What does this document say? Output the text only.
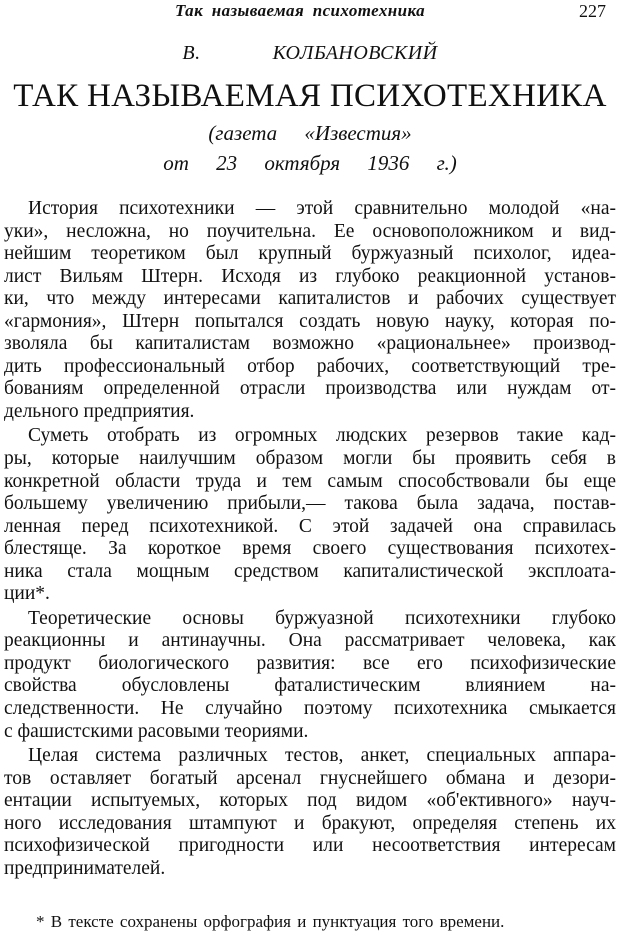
Так называемая психотехника	227
В.	КОЛБАНОВСКИЙ
ТАК НАЗЫВАЕМАЯ ПСИХОТЕХНИКА
(газета «Известия»
от 23 октября 1936 г.)
История психотехники — этой сравнительно молодой «на-
уки», несложна, но поучительна. Ее основоположником и вид-
нейшим теоретиком был крупный буржуазный психолог, идеа-
лист Вильям Штерн. Исходя из глубоко реакционной установ-
ки, что между интересами капиталистов и рабочих существует
«гармония», Штерн попытался создать новую науку, которая по-
зволяла бы капиталистам возможно «рациональнее» производ-
дить профессиональный отбор рабочих, соответствующий тре-
бованиям определенной отрасли производства или нуждам от-
дельного предприятия.
Суметь отобрать из огромных людских резервов такие кад-
ры, которые наилучшим образом могли бы проявить себя в
конкретной области труда и тем самым способствовали бы еще
большему увеличению прибыли,— такова была задача, постав-
ленная перед психотехникой. С этой задачей она справилась
блестяще. За короткое время своего существования психотех-
ника стала мощным средством капиталистической эксплоата-
ции*.
Теоретические основы буржуазной психотехники глубоко
реакционны и антинаучны. Она рассматривает человека, как
продукт биологического развития: все его психофизические
свойства обусловлены фаталистическим влиянием на-
следственности. Не случайно поэтому психотехника смыкается
с фашистскими расовыми теориями.
Целая система различных тестов, анкет, специальных аппара-
тов оставляет богатый арсенал гнуснейшего обмана и дезори-
ентации испытуемых, которых под видом «об'ективного» науч-
ного исследования штампуют и бракуют, определяя степень их
психофизической пригодности или несоответствия интересам
предпринимателей.
* В тексте сохранены орфография и пунктуация того времени.
